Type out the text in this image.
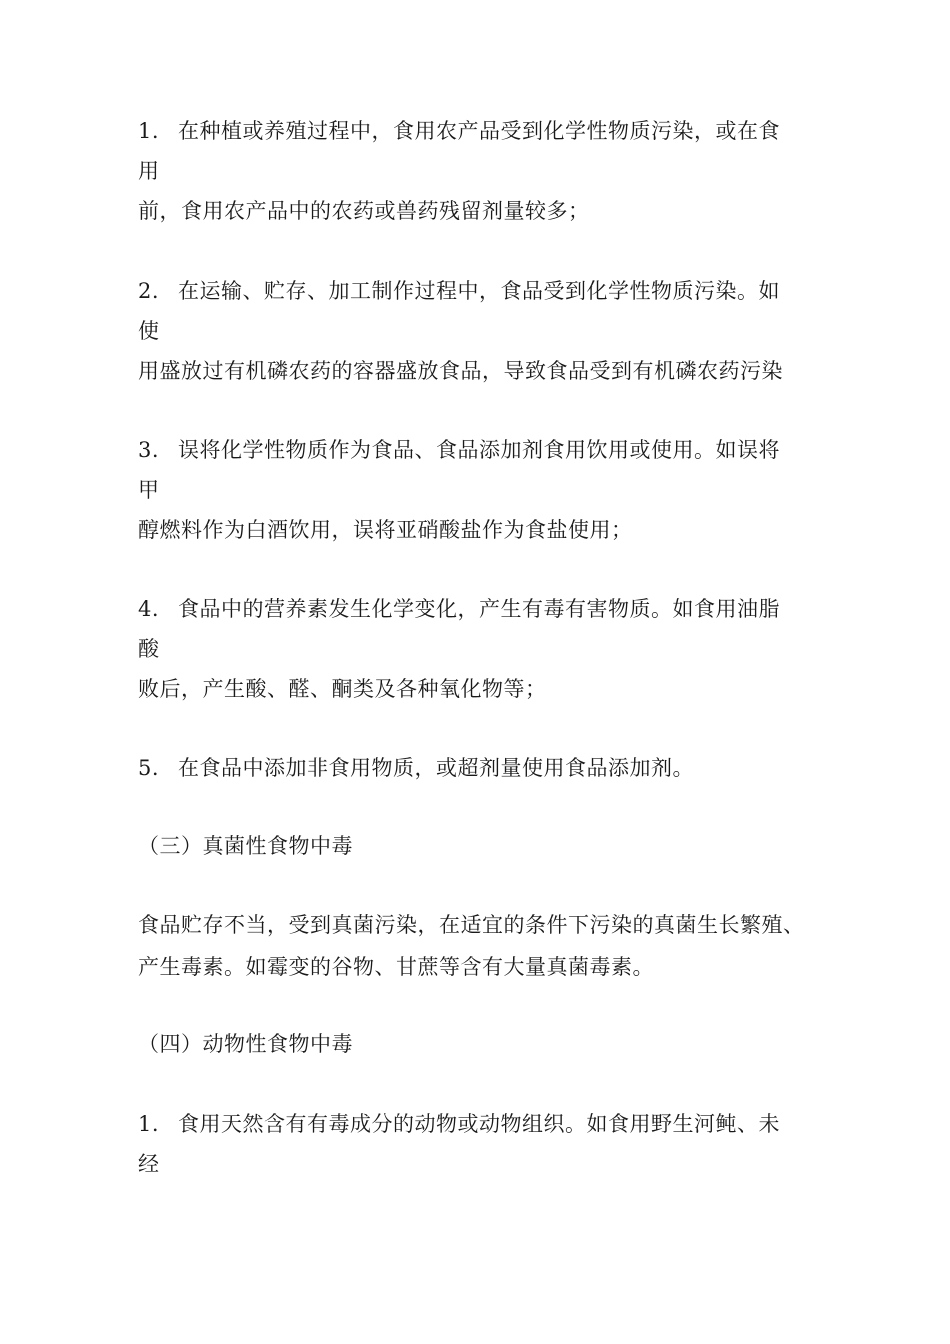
1. 在种植或养殖过程中，食用农产品受到化学性物质污染，或在食
用
前，食用农产品中的农药或兽药残留剂量较多；
2. 在运输、贮存、加工制作过程中，食品受到化学性物质污染。如
使
用盛放过有机磷农药的容器盛放食品，导致食品受到有机磷农药污染
3. 误将化学性物质作为食品、食品添加剂食用饮用或使用。如误将
甲
醇燃料作为白酒饮用，误将亚硝酸盐作为食盐使用；
4. 食品中的营养素发生化学变化，产生有毒有害物质。如食用油脂
酸
败后，产生酸、醛、酮类及各种氧化物等；
5. 在食品中添加非食用物质，或超剂量使用食品添加剂。
（三）真菌性食物中毒
食品贮存不当，受到真菌污染，在适宜的条件下污染的真菌生长繁殖、
产生毒素。如霉变的谷物、甘蔗等含有大量真菌毒素。
（四）动物性食物中毒
1. 食用天然含有有毒成分的动物或动物组织。如食用野生河鲀、未
经
